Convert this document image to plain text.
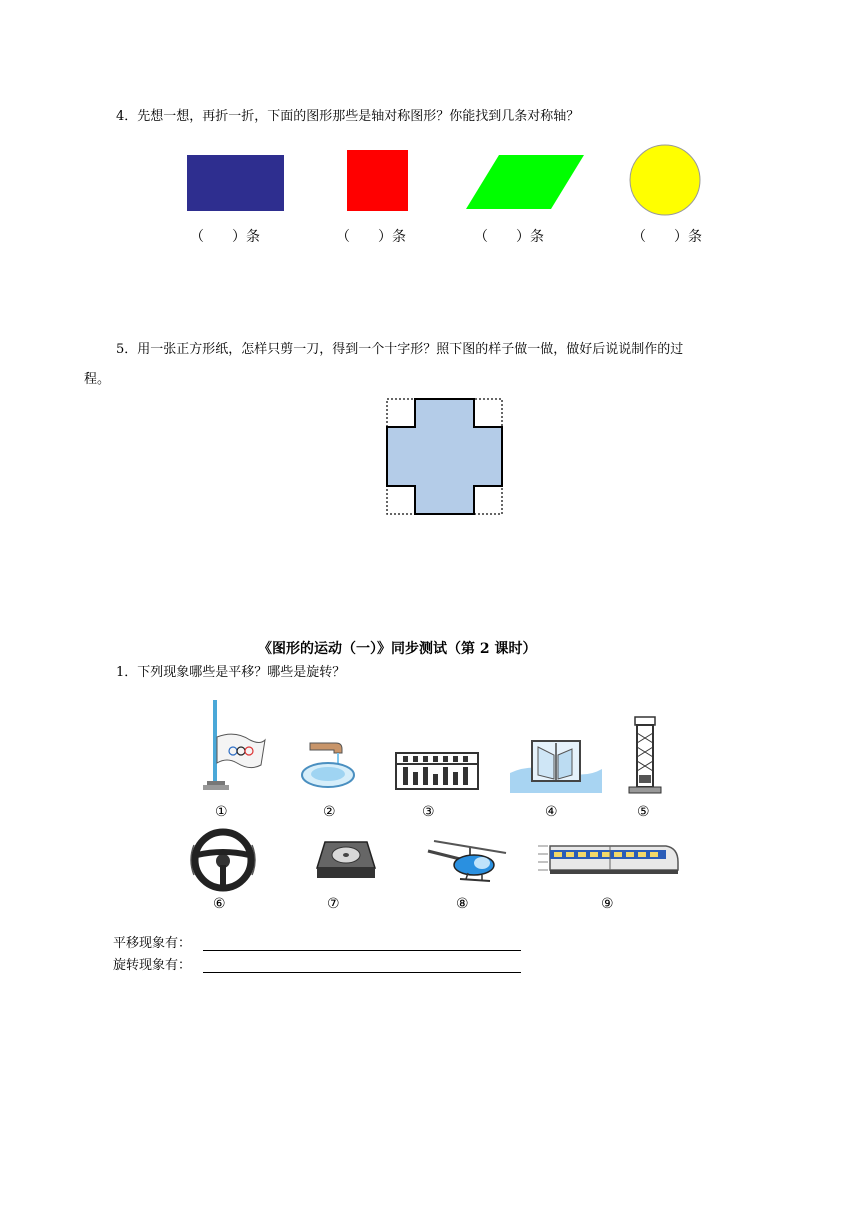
4．先想一想，再折一折，下面的图形那些是轴对称图形？你能找到几条对称轴？
（　　）条	（　　）条	（　　）条	（　　）条
5．用一张正方形纸，怎样只剪一刀，得到一个十字形？照下图的样子做一做，做好后说说制作的过
程。
《图形的运动（一）》同步测试（第 2 课时）
1．下列现象哪些是平移？哪些是旋转？
①	②	③	④	⑤
⑥	⑦	⑧	⑨
平移现象有：
旋转现象有：
